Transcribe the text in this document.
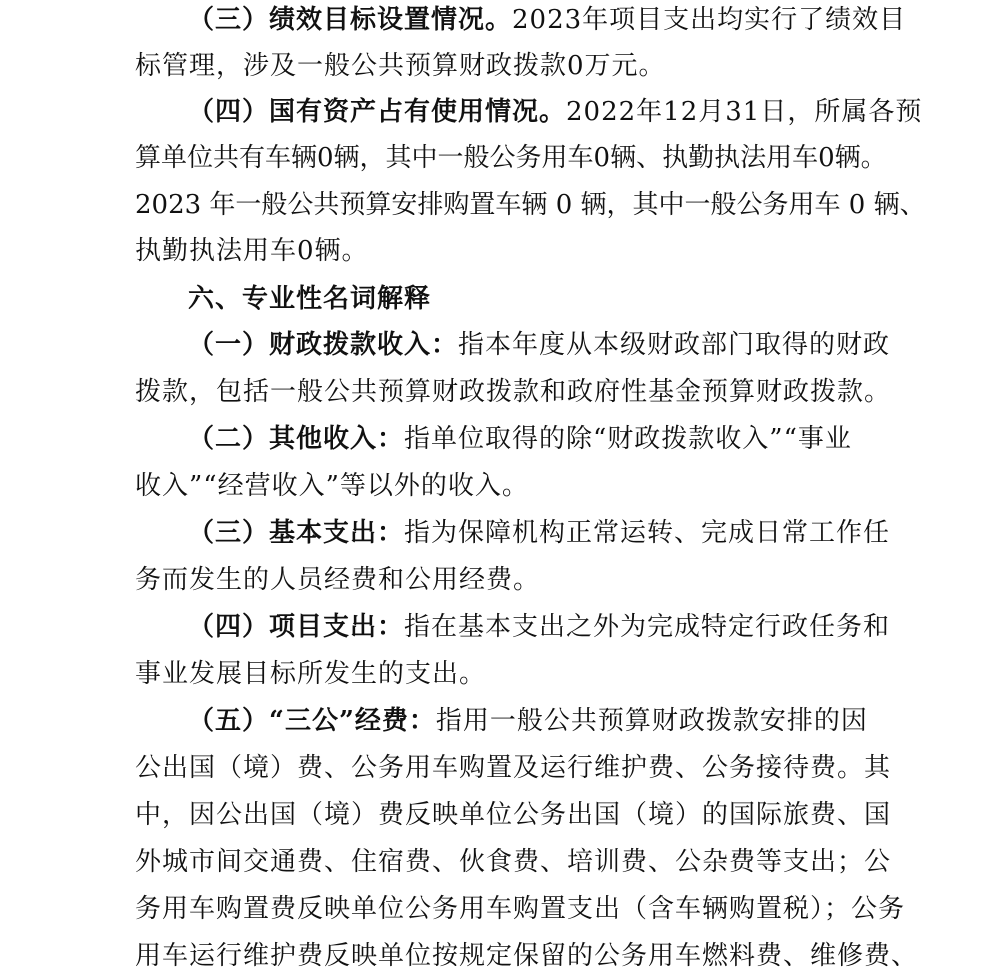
（三）绩效目标设置情况。2023年项目支出均实行了绩效目
标管理，涉及一般公共预算财政拨款0万元。
（四）国有资产占有使用情况。2022年12月31日，所属各预
算单位共有车辆0辆，其中一般公务用车0辆、执勤执法用车0辆。
2023 年一般公共预算安排购置车辆 0 辆，其中一般公务用车 0 辆、
执勤执法用车0辆。
六、专业性名词解释
（一）财政拨款收入：指本年度从本级财政部门取得的财政
拨款，包括一般公共预算财政拨款和政府性基金预算财政拨款。
（二）其他收入：指单位取得的除“财政拨款收入”“事业
收入”“经营收入”等以外的收入。
（三）基本支出：指为保障机构正常运转、完成日常工作任
务而发生的人员经费和公用经费。
（四）项目支出：指在基本支出之外为完成特定行政任务和
事业发展目标所发生的支出。
（五）“三公”经费：指用一般公共预算财政拨款安排的因
公出国（境）费、公务用车购置及运行维护费、公务接待费。其
中，因公出国（境）费反映单位公务出国（境）的国际旅费、国
外城市间交通费、住宿费、伙食费、培训费、公杂费等支出；公
务用车购置费反映单位公务用车购置支出（含车辆购置税）；公务
用车运行维护费反映单位按规定保留的公务用车燃料费、维修费、
